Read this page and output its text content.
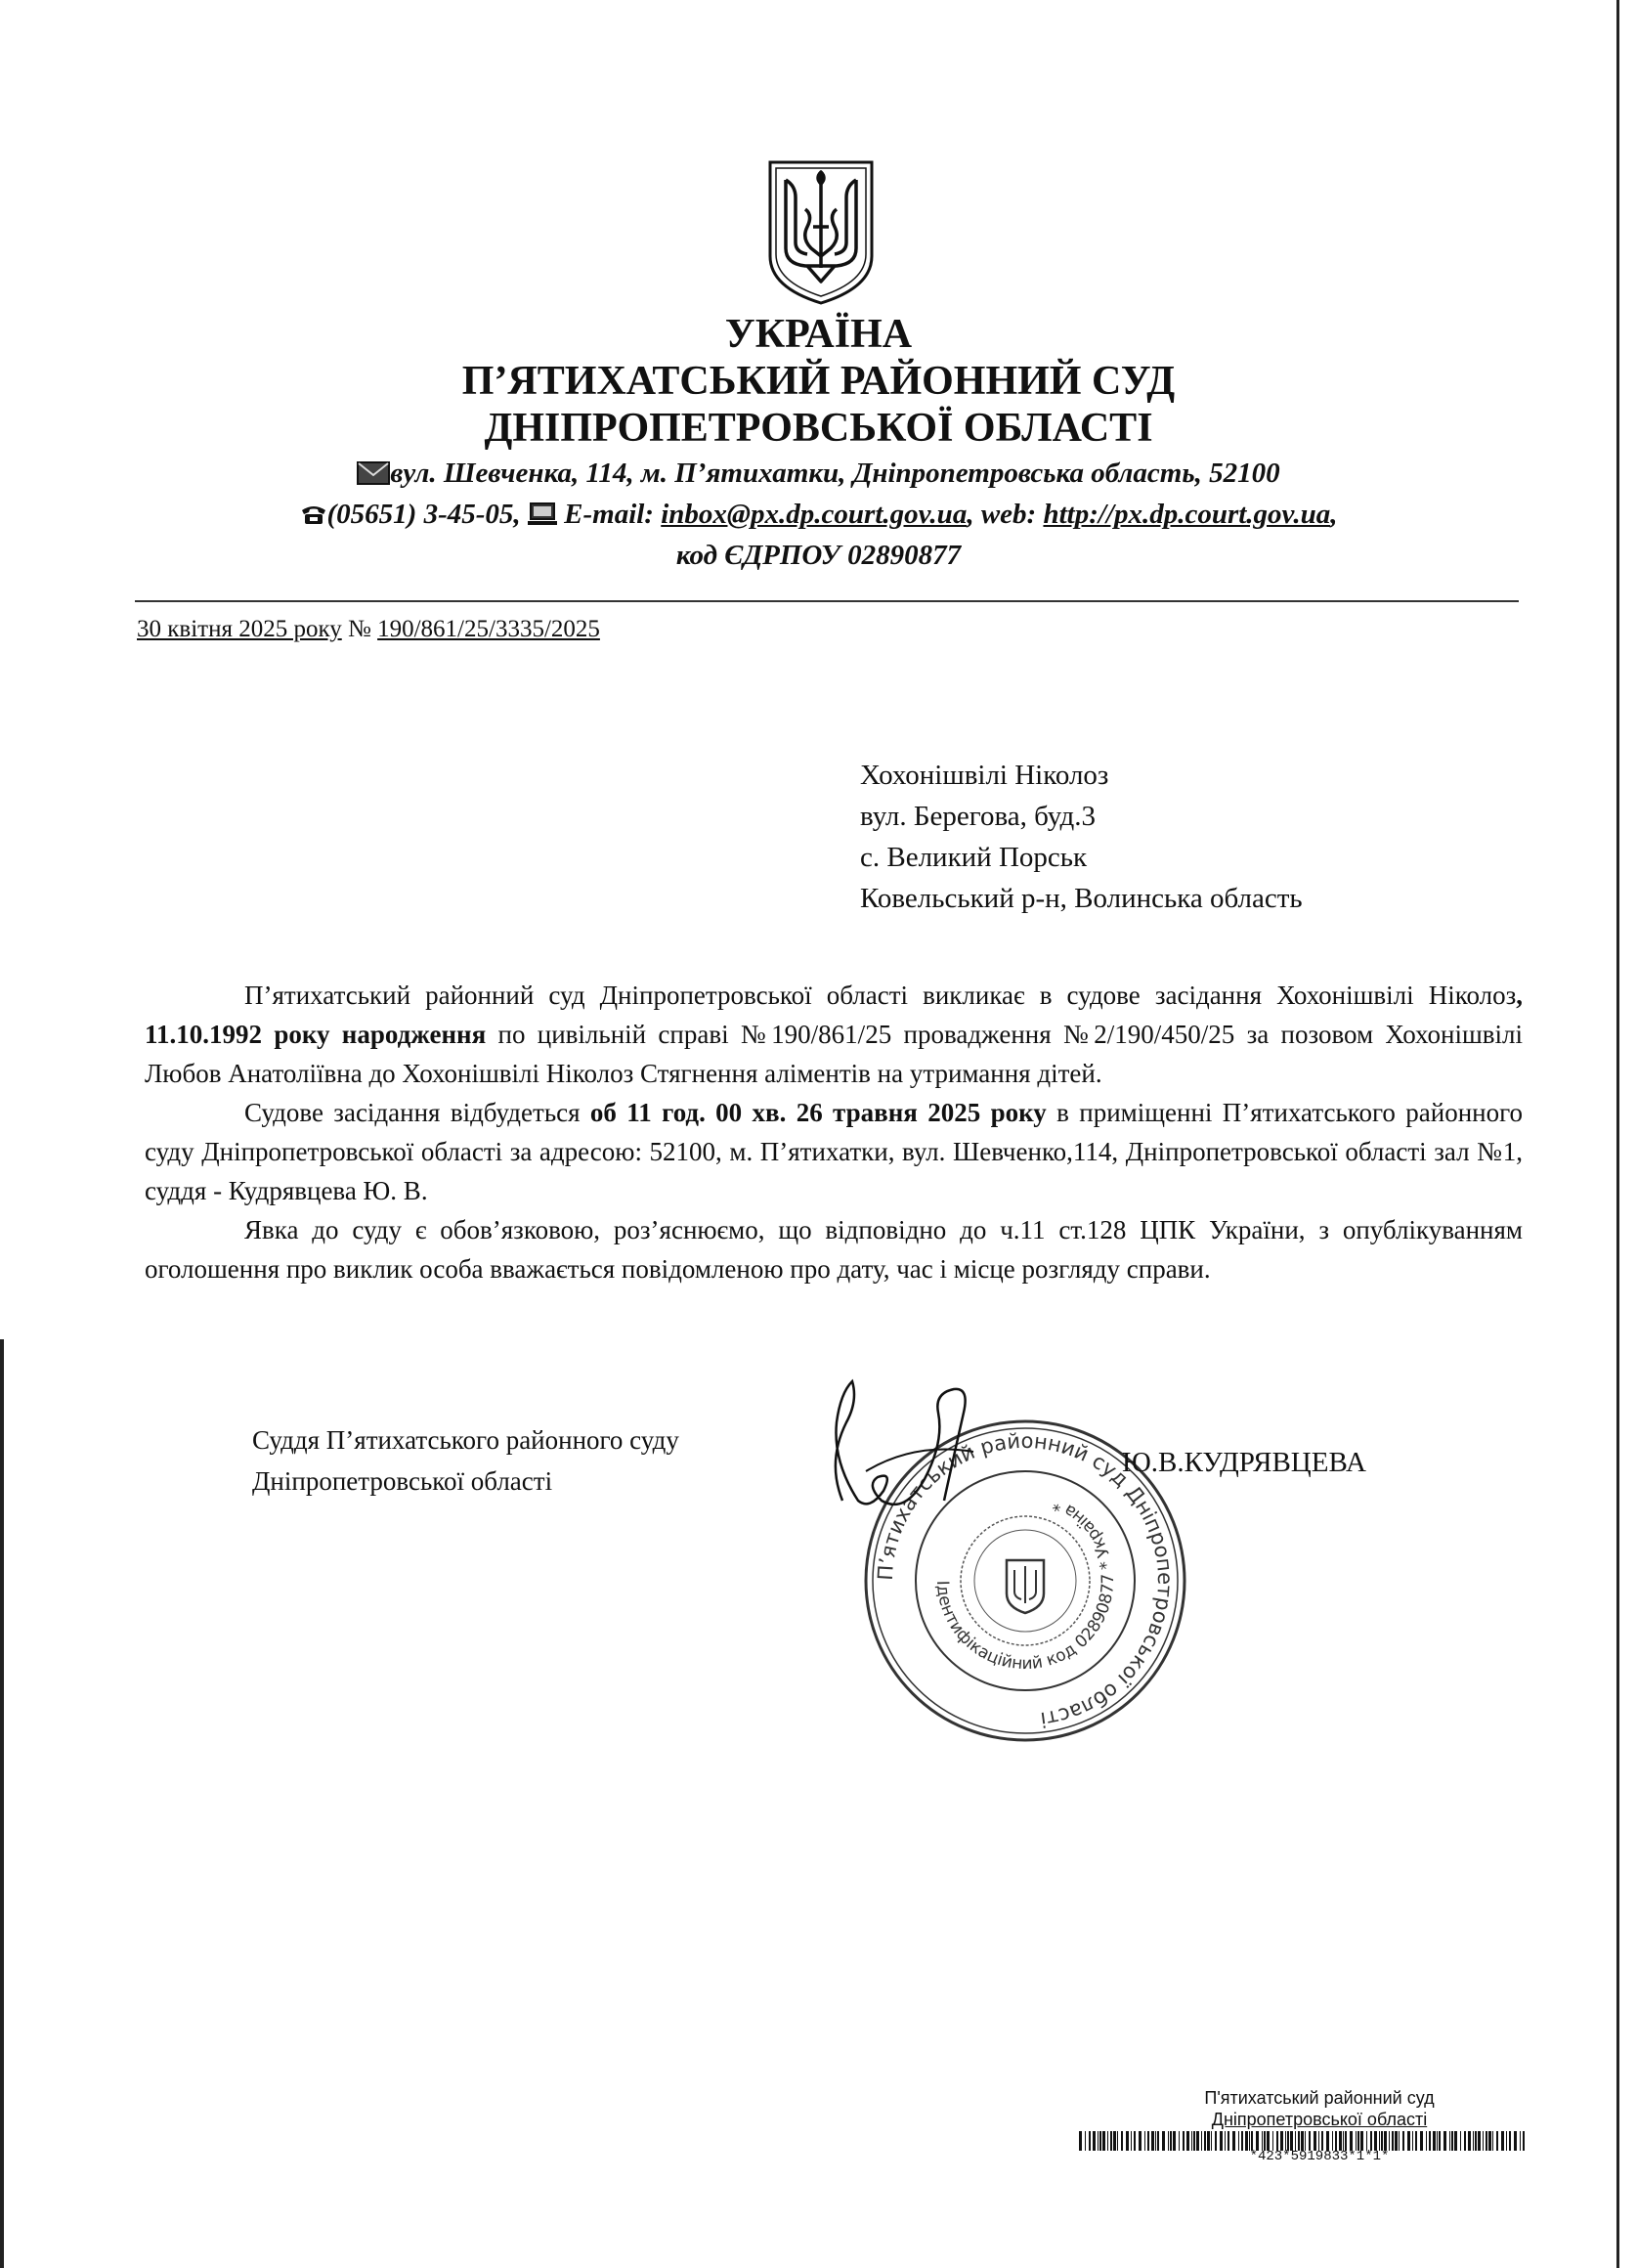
УКРАЇНА
П’ЯТИХАТСЬКИЙ РАЙОННИЙ СУД
ДНІПРОПЕТРОВСЬКОЇ ОБЛАСТІ
вул. Шевченка, 114, м. П’ятихатки, Дніпропетровська область, 52100
(05651) 3-45-05, E-mail: inbox@px.dp.court.gov.ua, web: http://px.dp.court.gov.ua,
код ЄДРПОУ 02890877
30 квітня 2025 року № 190/861/25/3335/2025
Хохонішвілі Ніколоз
вул. Берегова, буд.3
с. Великий Порськ
Ковельський р-н, Волинська область

П’ятихатський районний суд Дніпропетровської області викликає в судове засідання Хохонішвілі Ніколоз, 11.10.1992 року народження по цивільній справі №190/861/25 провадження №2/190/450/25 за позовом Хохонішвілі Любов Анатоліївна до Хохонішвілі Ніколоз Стягнення аліментів на утримання дітей.

Судове засідання відбудеться об 11 год. 00 хв. 26 травня 2025 року в приміщенні П’ятихатського районного суду Дніпропетровської області за адресою: 52100, м. П’ятихатки, вул. Шевченко,114, Дніпропетровської області зал №1, суддя - Кудрявцева Ю. В.

Явка до суду є обов’язковою, роз’яснюємо, що відповідно до ч.11 ст.128 ЦПК України, з опублікуванням оголошення про виклик особа вважається повідомленою про дату, час і місце розгляду справи.

Суддя П’ятихатського районного суду
Дніпропетровської області
П’ятихатський районний суд Дніпропетровської області
Ідентифікаційний код 02890877 * Україна *
Ю.В.КУДРЯВЦЕВА
П'ятихатський районний суд
Дніпропетровської області
*423*5919833*1*1*
